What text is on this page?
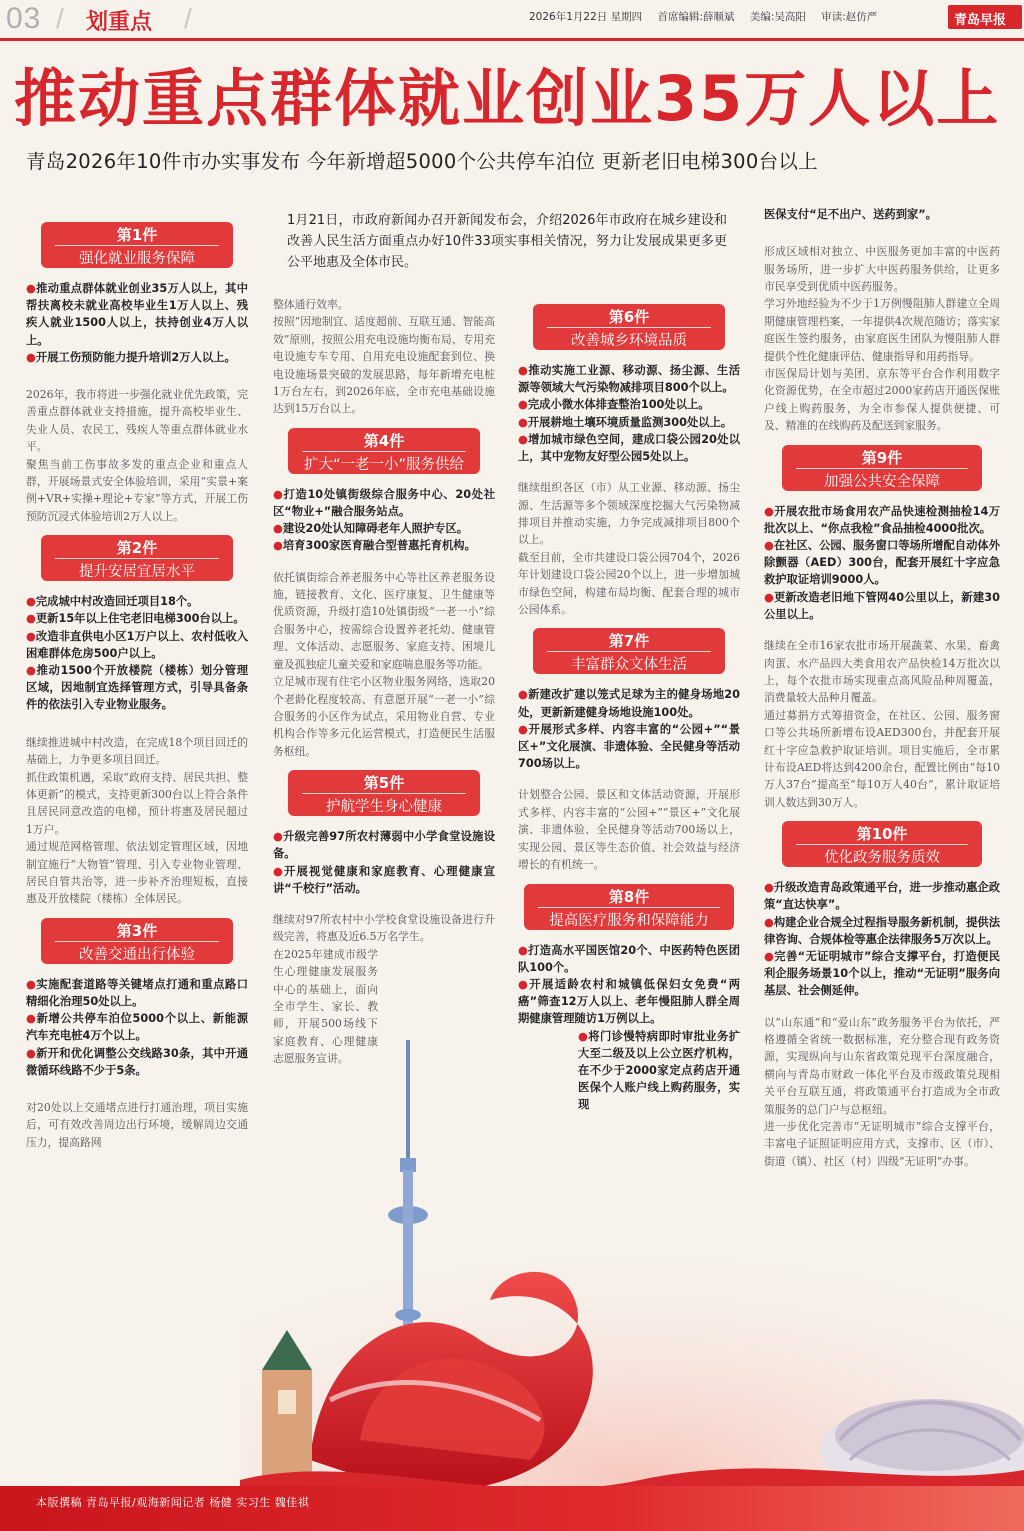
03 / 划重点 /	2026年1月22日 星期四 首席编辑:薛顺斌 美编:吴高阳 审读:赵仿严	青岛早报
推动重点群体就业创业35万人以上
青岛2026年10件市办实事发布 今年新增超5000个公共停车泊位 更新老旧电梯300台以上
第1件
强化就业服务保障

●推动重点群体就业创业35万人以上，其中帮扶离校未就业高校毕业生1万人以上、残疾人就业1500人以上，扶持创业4万人以上。

●开展工伤预防能力提升培训2万人以上。

2026年，我市将进一步强化就业优先政策，完善重点群体就业支持措施，提升高校毕业生、失业人员、农民工、残疾人等重点群体就业水平。

聚焦当前工伤事故多发的重点企业和重点人群，开展场景式安全体验培训，采用“实景+案例+VR+实操+理论+专家”等方式，开展工伤预防沉浸式体验培训2万人以上。

第2件
提升安居宜居水平

●完成城中村改造回迁项目18个。

●更新15年以上住宅老旧电梯300台以上。

●改造非直供电小区1万户以上、农村低收入困难群体危房500户以上。

●推动1500个开放楼院（楼栋）划分管理区域，因地制宜选择管理方式，引导具备条件的依法引入专业物业服务。

继续推进城中村改造，在完成18个项目回迁的基础上，力争更多项目回迁。

抓住政策机遇，采取“政府支持、居民共担、整体更新”的模式，支持更新300台以上符合条件且居民同意改造的电梯，预计将惠及居民超过1万户。

通过规范网格管理、依法划定管理区域，因地制宜施行“大物管”管理、引入专业物业管理、居民自管共治等，进一步补齐治理短板，直接惠及开放楼院（楼栋）全体居民。

第3件
改善交通出行体验

●实施配套道路等关键堵点打通和重点路口精细化治理50处以上。

●新增公共停车泊位5000个以上、新能源汽车充电桩4万个以上。

●新开和优化调整公交线路30条，其中开通微循环线路不少于5条。

对20处以上交通堵点进行打通治理，项目实施后，可有效改善周边出行环境，缓解周边交通压力，提高路网

1月21日，市政府新闻办召开新闻发布会，介绍2026年市政府在城乡建设和改善人民生活方面重点办好10件33项实事相关情况，努力让发展成果更多更公平地惠及全体市民。

整体通行效率。

按照“因地制宜、适度超前、互联互通、智能高效”原则，按照公用充电设施均衡布局、专用充电设施专车专用、自用充电设施配套到位、换电设施场景突破的发展思路，每年新增充电桩1万台左右，到2026年底，全市充电基础设施达到15万台以上。

第4件
扩大“一老一小”服务供给

●打造10处镇街级综合服务中心、20处社区“物业+”融合服务站点。

●建设20处认知障碍老年人照护专区。

●培育300家医育融合型普惠托育机构。

依托镇街综合养老服务中心等社区养老服务设施，链接教育、文化、医疗康复、卫生健康等优质资源，升级打造10处镇街级“一老一小”综合服务中心，按需综合设置养老托幼、健康管理、文体活动、志愿服务、家庭支持、困境儿童及孤独症儿童关爱和家庭喘息服务等功能。

立足城市现有住宅小区物业服务网络，选取20个老龄化程度较高、有意愿开展“一老一小”综合服务的小区作为试点，采用物业自营、专业机构合作等多元化运营模式，打造便民生活服务枢纽。

第5件
护航学生身心健康

●升级完善97所农村薄弱中小学食堂设施设备。

●开展视觉健康和家庭教育、心理健康宣讲“千校行”活动。

继续对97所农村中小学校食堂设施设备进行升级完善，将惠及近6.5万名学生。

在2025年建成市级学生心理健康发展服务中心的基础上，面向全市学生、家长、教师，开展500场线下家庭教育、心理健康志愿服务宣讲。

第6件
改善城乡环境品质

●推动实施工业源、移动源、扬尘源、生活源等领域大气污染物减排项目800个以上。

●完成小微水体排查整治100处以上。

●开展耕地土壤环境质量监测300处以上。

●增加城市绿色空间，建成口袋公园20处以上，其中宠物友好型公园5处以上。

继续组织各区（市）从工业源、移动源、扬尘源、生活源等多个领域深度挖掘大气污染物减排项目并推动实施，力争完成减排项目800个以上。

截至目前，全市共建设口袋公园704个，2026年计划建设口袋公园20个以上，进一步增加城市绿色空间，构建布局均衡、配套合理的城市公园体系。

第7件
丰富群众文体生活

●新建改扩建以笼式足球为主的健身场地20处，更新新建健身场地设施100处。

●开展形式多样、内容丰富的“公园+”“景区+”文化展演、非遗体验、全民健身等活动700场以上。

计划整合公园、景区和文体活动资源，开展形式多样、内容丰富的“公园+”“景区+”文化展演、非遗体验、全民健身等活动700场以上，实现公园、景区等生态价值、社会效益与经济增长的有机统一。

第8件
提高医疗服务和保障能力

●打造高水平国医馆20个、中医药特色医团队100个。

●开展适龄农村和城镇低保妇女免费“两癌”筛查12万人以上、老年慢阻肺人群全周期健康管理随访1万例以上。

●将门诊慢特病即时审批业务扩大至二级及以上公立医疗机构，在不少于2000家定点药店开通医保个人账户线上购药服务，实现

医保支付“足不出户、送药到家”。

形成区域相对独立、中医服务更加丰富的中医药服务场所，进一步扩大中医药服务供给，让更多市民享受到优质中医药服务。

学习外地经验为不少于1万例慢阻肺人群建立全周期健康管理档案，一年提供4次规范随访；落实家庭医生签约服务，由家庭医生团队为慢阻肺人群提供个性化健康评估、健康指导和用药指导。

市医保局计划与美团、京东等平台合作利用数字化资源优势，在全市超过2000家药店开通医保账户线上购药服务，为全市参保人提供便捷、可及、精准的在线购药及配送到家服务。

第9件
加强公共安全保障

●开展农批市场食用农产品快速检测抽检14万批次以上、“你点我检”食品抽检4000批次。

●在社区、公园、服务窗口等场所增配自动体外除颤器（AED）300台，配套开展红十字应急救护取证培训9000人。

●更新改造老旧地下管网40公里以上，新建30公里以上。

继续在全市16家农批市场开展蔬菜、水果、畜禽肉蛋、水产品四大类食用农产品快检14万批次以上，每个农批市场实现重点高风险品种周覆盖，消费量较大品种月覆盖。

通过募捐方式筹措资金，在社区、公园、服务窗口等公共场所新增布设AED300台，并配套开展红十字应急救护取证培训。项目实施后，全市累计布设AED将达到4200余台，配置比例由“每10万人37台”提高至“每10万人40台”，累计取证培训人数达到30万人。

第10件
优化政务服务质效

●升级改造青岛政策通平台，进一步推动惠企政策“直达快享”。

●构建企业合规全过程指导服务新机制，提供法律咨询、合规体检等惠企法律服务5万次以上。

●完善“无证明城市”综合支撑平台，打造便民利企服务场景10个以上，推动“无证明”服务向基层、社会侧延伸。

以“山东通”和“爱山东”政务服务平台为依托，严格遵循全省统一数据标准，充分整合现有政务资源，实现纵向与山东省政策兑现平台深度融合，横向与青岛市财政一体化平台及市级政策兑现相关平台互联互通，将政策通平台打造成为全市政策服务的总门户与总枢纽。

进一步优化完善市“无证明城市”综合支撑平台，丰富电子证照证明应用方式，支撑市、区（市）、街道（镇）、社区（村）四级“无证明”办事。

本版撰稿 青岛早报/观海新闻记者 杨健 实习生 魏佳祺
